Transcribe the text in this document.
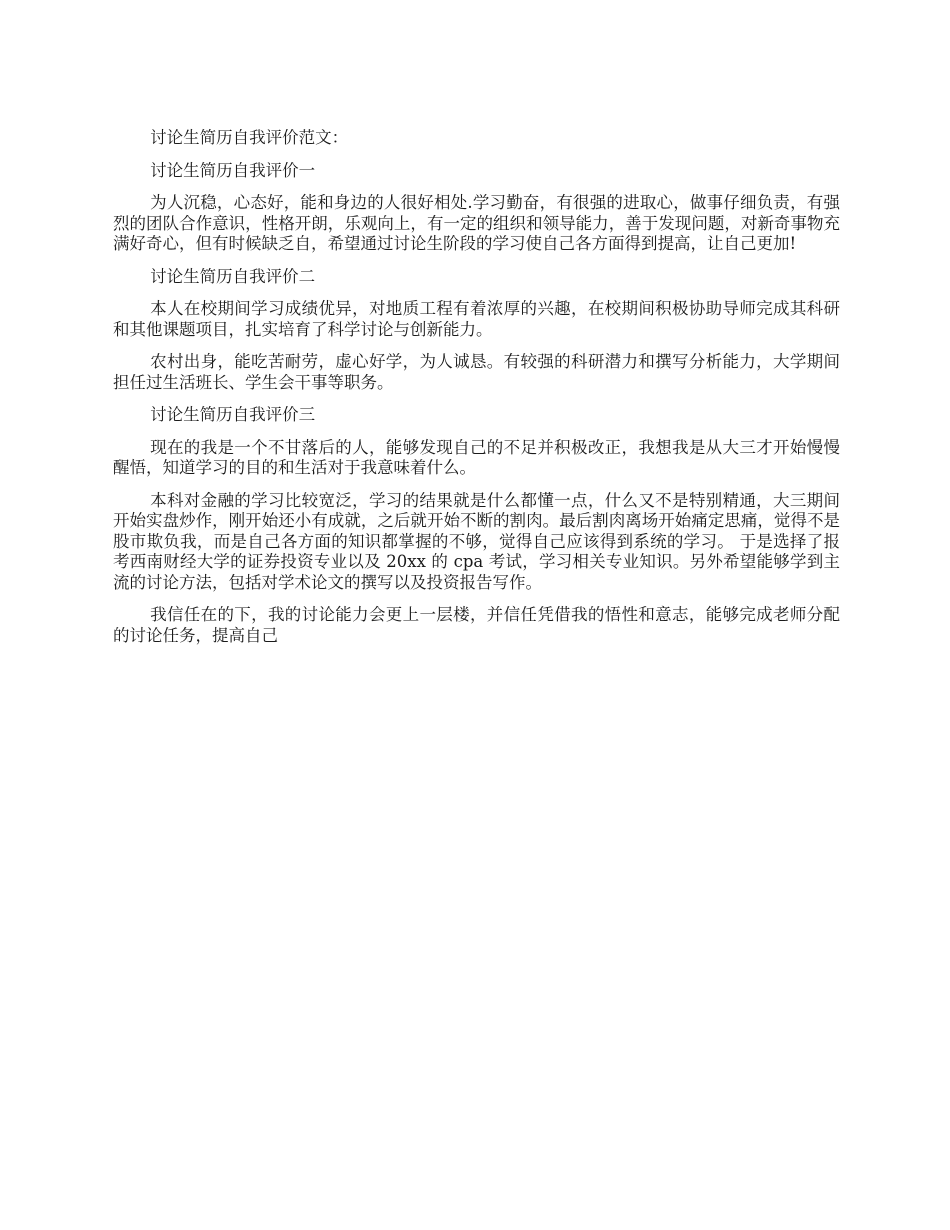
讨论生简历自我评价范文：

讨论生简历自我评价一

为人沉稳，心态好，能和身边的人很好相处.学习勤奋，有很强的进取心，做事仔细负责，有强烈的团队合作意识，性格开朗，乐观向上，有一定的组织和领导能力，善于发现问题，对新奇事物充满好奇心，但有时候缺乏自，希望通过讨论生阶段的学习使自己各方面得到提高，让自己更加!

讨论生简历自我评价二

本人在校期间学习成绩优异，对地质工程有着浓厚的兴趣，在校期间积极协助导师完成其科研和其他课题项目，扎实培育了科学讨论与创新能力。

农村出身，能吃苦耐劳，虚心好学，为人诚恳。有较强的科研潜力和撰写分析能力，大学期间担任过生活班长、学生会干事等职务。

讨论生简历自我评价三

现在的我是一个不甘落后的人，能够发现自己的不足并积极改正，我想我是从大三才开始慢慢醒悟，知道学习的目的和生活对于我意味着什么。

本科对金融的学习比较宽泛，学习的结果就是什么都懂一点，什么又不是特别精通，大三期间开始实盘炒作，刚开始还小有成就，之后就开始不断的割肉。最后割肉离场开始痛定思痛，觉得不是股市欺负我，而是自己各方面的知识都掌握的不够，觉得自己应该得到系统的学习。 于是选择了报考西南财经大学的证券投资专业以及 20xx 的 cpa 考试，学习相关专业知识。另外希望能够学到主流的讨论方法，包括对学术论文的撰写以及投资报告写作。

我信任在的下，我的讨论能力会更上一层楼，并信任凭借我的悟性和意志，能够完成老师分配的讨论任务，提高自己
